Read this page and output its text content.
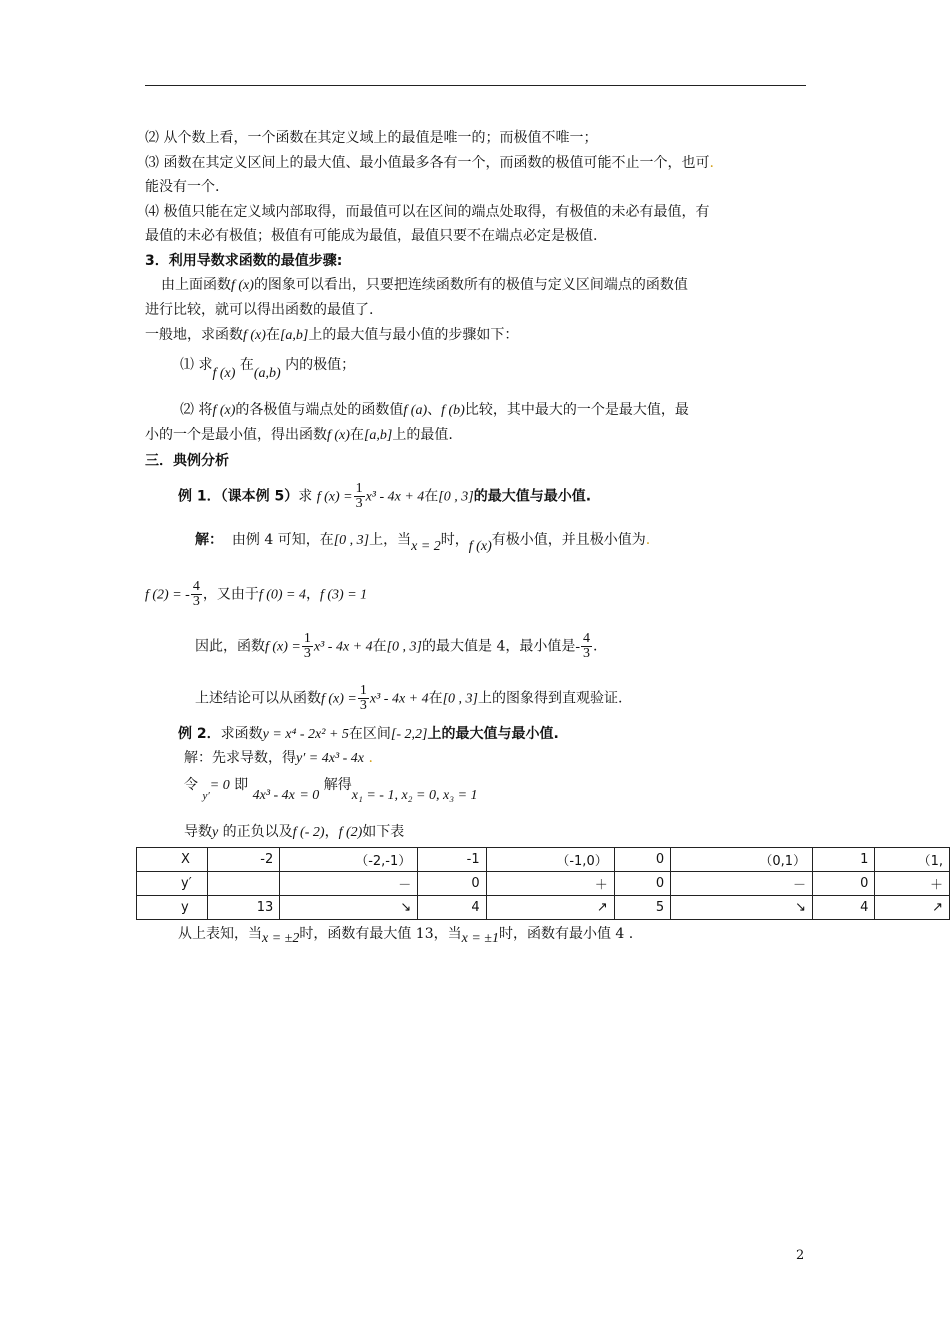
⑵ 从个数上看，一个函数在其定义域上的最值是唯一的；而极值不唯一；
⑶ 函数在其定义区间上的最大值、最小值最多各有一个，而函数的极值可能不止一个，也可.
能没有一个.
⑷ 极值只能在定义域内部取得，而最值可以在区间的端点处取得，有极值的未必有最值，有
最值的未必有极值；极值有可能成为最值，最值只要不在端点必定是极值.
3．利用导数求函数的最值步骤:
由上面函数f (x)的图象可以看出，只要把连续函数所有的极值与定义区间端点的函数值
进行比较，就可以得出函数的最值了.
一般地，求函数f (x)在[a,b]上的最大值与最小值的步骤如下：
⑴ 求f (x) 在(a,b) 内的极值；
⑵ 将f (x)的各极值与端点处的函数值f (a)、f (b)比较，其中最大的一个是最大值，最
小的一个是最小值，得出函数f (x)在[a,b]上的最值.
三．典例分析
例 1．（课本例 5）求 f $(x) = \frac{1}{3} x^3 - 4x + 4$在[0 , 3]的最大值与最小值.
解： 由例 4 可知，在[0 , 3]上，当x = 2时，f (x)有极小值，并且极小值为.
f (2) = - $\frac{4}{3}$ ，又由于f (0) = 4，f (3) = 1
因此，函数f $(x) = \frac{1}{3} x^3 - 4x + 4$在[0 , 3]的最大值是 4，最小值是- $\frac{4}{3}$ .
上述结论可以从函数f $(x) = \frac{1}{3} x^3 - 4x + 4$在[0 , 3]上的图象得到直观验证.
例 2．求函数y = x⁴ - 2x² + 5在区间[- 2,2]上的最大值与最小值.
解：先求导数，得y′ = 4x³ - 4x .
令 $_{y'}$= 0 即 4x³ - 4x = 0 解得x₁ = - 1, x₂ = 0, x₃ = 1
导数y 的正负以及f (- 2)，f (2)如下表
X	-2	（-2,-1）	-1	（-1,0）	0	（0,1）	1	（1,
y′		－	0	＋	0	－	0	＋
y	13	↘	4	↗	5	↘	4	↗
从上表知，当x = ±2时，函数有最大值 13，当x = ±1时，函数有最小值 4 .
2
